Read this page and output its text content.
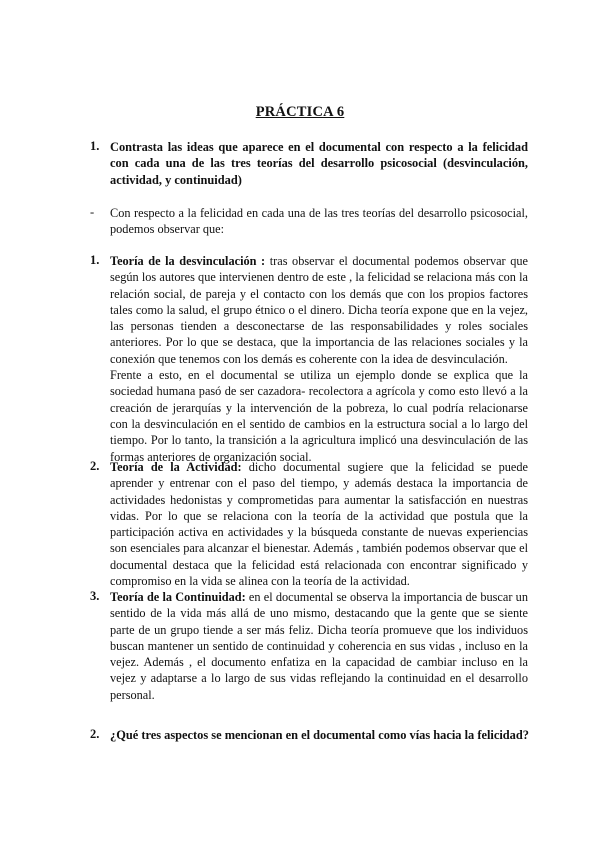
PRÁCTICA 6
1. Contrasta las ideas que aparece en el documental con respecto a la felicidad con cada una de las tres teorías del desarrollo psicosocial (desvinculación, actividad, y continuidad)
- Con respecto a la felicidad en cada una de las tres teorías del desarrollo psicosocial, podemos observar que:
1. Teoría de la desvinculación : tras observar el documental podemos observar que según los autores que intervienen dentro de este , la felicidad se relaciona más con la relación social, de pareja y el contacto con los demás que con los propios factores tales como la salud, el grupo étnico o el dinero. Dicha teoría expone que en la vejez, las personas tienden a desconectarse de las responsabilidades y roles sociales anteriores. Por lo que se destaca, que la importancia de las relaciones sociales y la conexión que tenemos con los demás es coherente con la idea de desvinculación.

Frente a esto, en el documental se utiliza un ejemplo donde se explica que la sociedad humana pasó de ser cazadora- recolectora a agrícola y como esto llevó a la creación de jerarquías y la intervención de la pobreza, lo cual podría relacionarse con la desvinculación en el sentido de cambios en la estructura social a lo largo del tiempo. Por lo tanto, la transición a la agricultura implicó una desvinculación de las formas anteriores de organización social.

2. Teoría de la Actividad: dicho documental sugiere que la felicidad se puede aprender y entrenar con el paso del tiempo, y además destaca la importancia de actividades hedonistas y comprometidas para aumentar la satisfacción en nuestras vidas. Por lo que se relaciona con la teoría de la actividad que postula que la participación activa en actividades y la búsqueda constante de nuevas experiencias son esenciales para alcanzar el bienestar. Además , también podemos observar que el documental destaca que la felicidad está relacionada con encontrar significado y compromiso en la vida se alinea con la teoría de la actividad.

3. Teoría de la Continuidad: en el documental se observa la importancia de buscar un sentido de la vida más allá de uno mismo, destacando que la gente que se siente parte de un grupo tiende a ser más feliz. Dicha teoría promueve que los individuos buscan mantener un sentido de continuidad y coherencia en sus vidas , incluso en la vejez. Además , el documento enfatiza en la capacidad de cambiar incluso en la vejez y adaptarse a lo largo de sus vidas reflejando la continuidad en el desarrollo personal.

2. ¿Qué tres aspectos se mencionan en el documental como vías hacia la felicidad?
